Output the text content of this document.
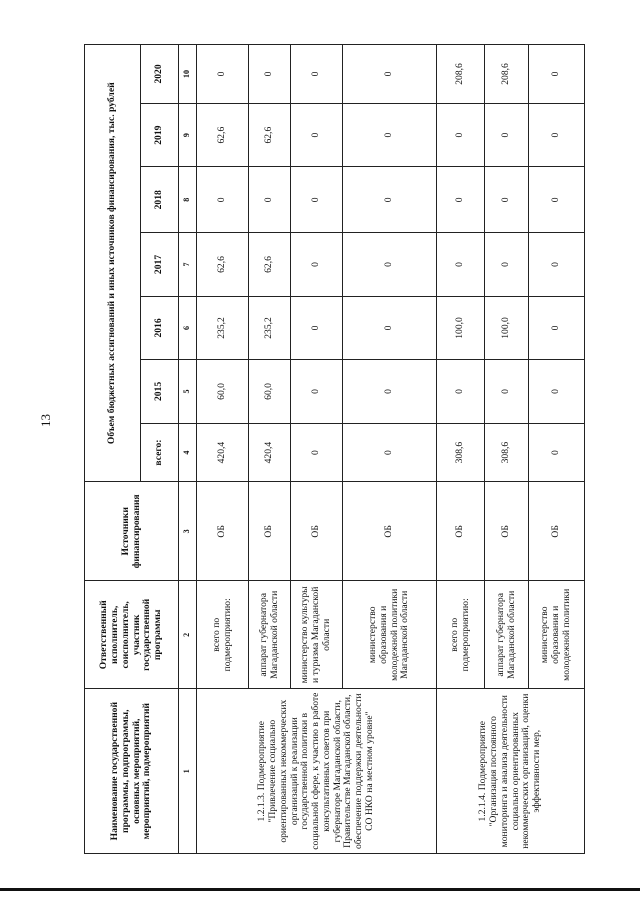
13
Наименование государственной программы, подпрограммы, основных мероприятий, мероприятий, подмероприятий	Ответственный исполнитель, соисполнитель, участник государственной программы	Источники финансирования	Объем бюджетных ассигнований и иных источников финансирования, тыс. рублей						
			всего:	2015	2016	2017	2018	2019	2020
1	2	3	4	5	6	7	8	9	10
1.2.1.3. Подмероприятие "Привлечение социально ориентированных некоммерческих организаций к реализации государственной политики в социальной сфере, к участию в работе консультативных советов при губернаторе Магаданской области, Правительстве Магаданской области, обеспечение поддержки деятельности СО НКО на местном уровне"	всего по подмероприятию:	ОБ	420,4	60,0	235,2	62,6	0	62,6	0
	аппарат губернатора Магаданской области	ОБ	420,4	60,0	235,2	62,6	0	62,6	0
	министерство культуры и туризма Магаданской области	ОБ	0	0	0	0	0	0	0
	министерство образования и молодежной политики Магаданской области	ОБ	0	0	0	0	0	0	0
1.2.1.4. Подмероприятие "Организация постоянного мониторинга и анализа деятельности социально ориентированных некоммерческих организаций, оценки эффективности мер,	всего по подмероприятию:	ОБ	308,6	0	100,0	0	0	0	208,6
	аппарат губернатора Магаданской области	ОБ	308,6	0	100,0	0	0	0	208,6
	министерство образования и молодежной политики	ОБ	0	0	0	0	0	0	0
